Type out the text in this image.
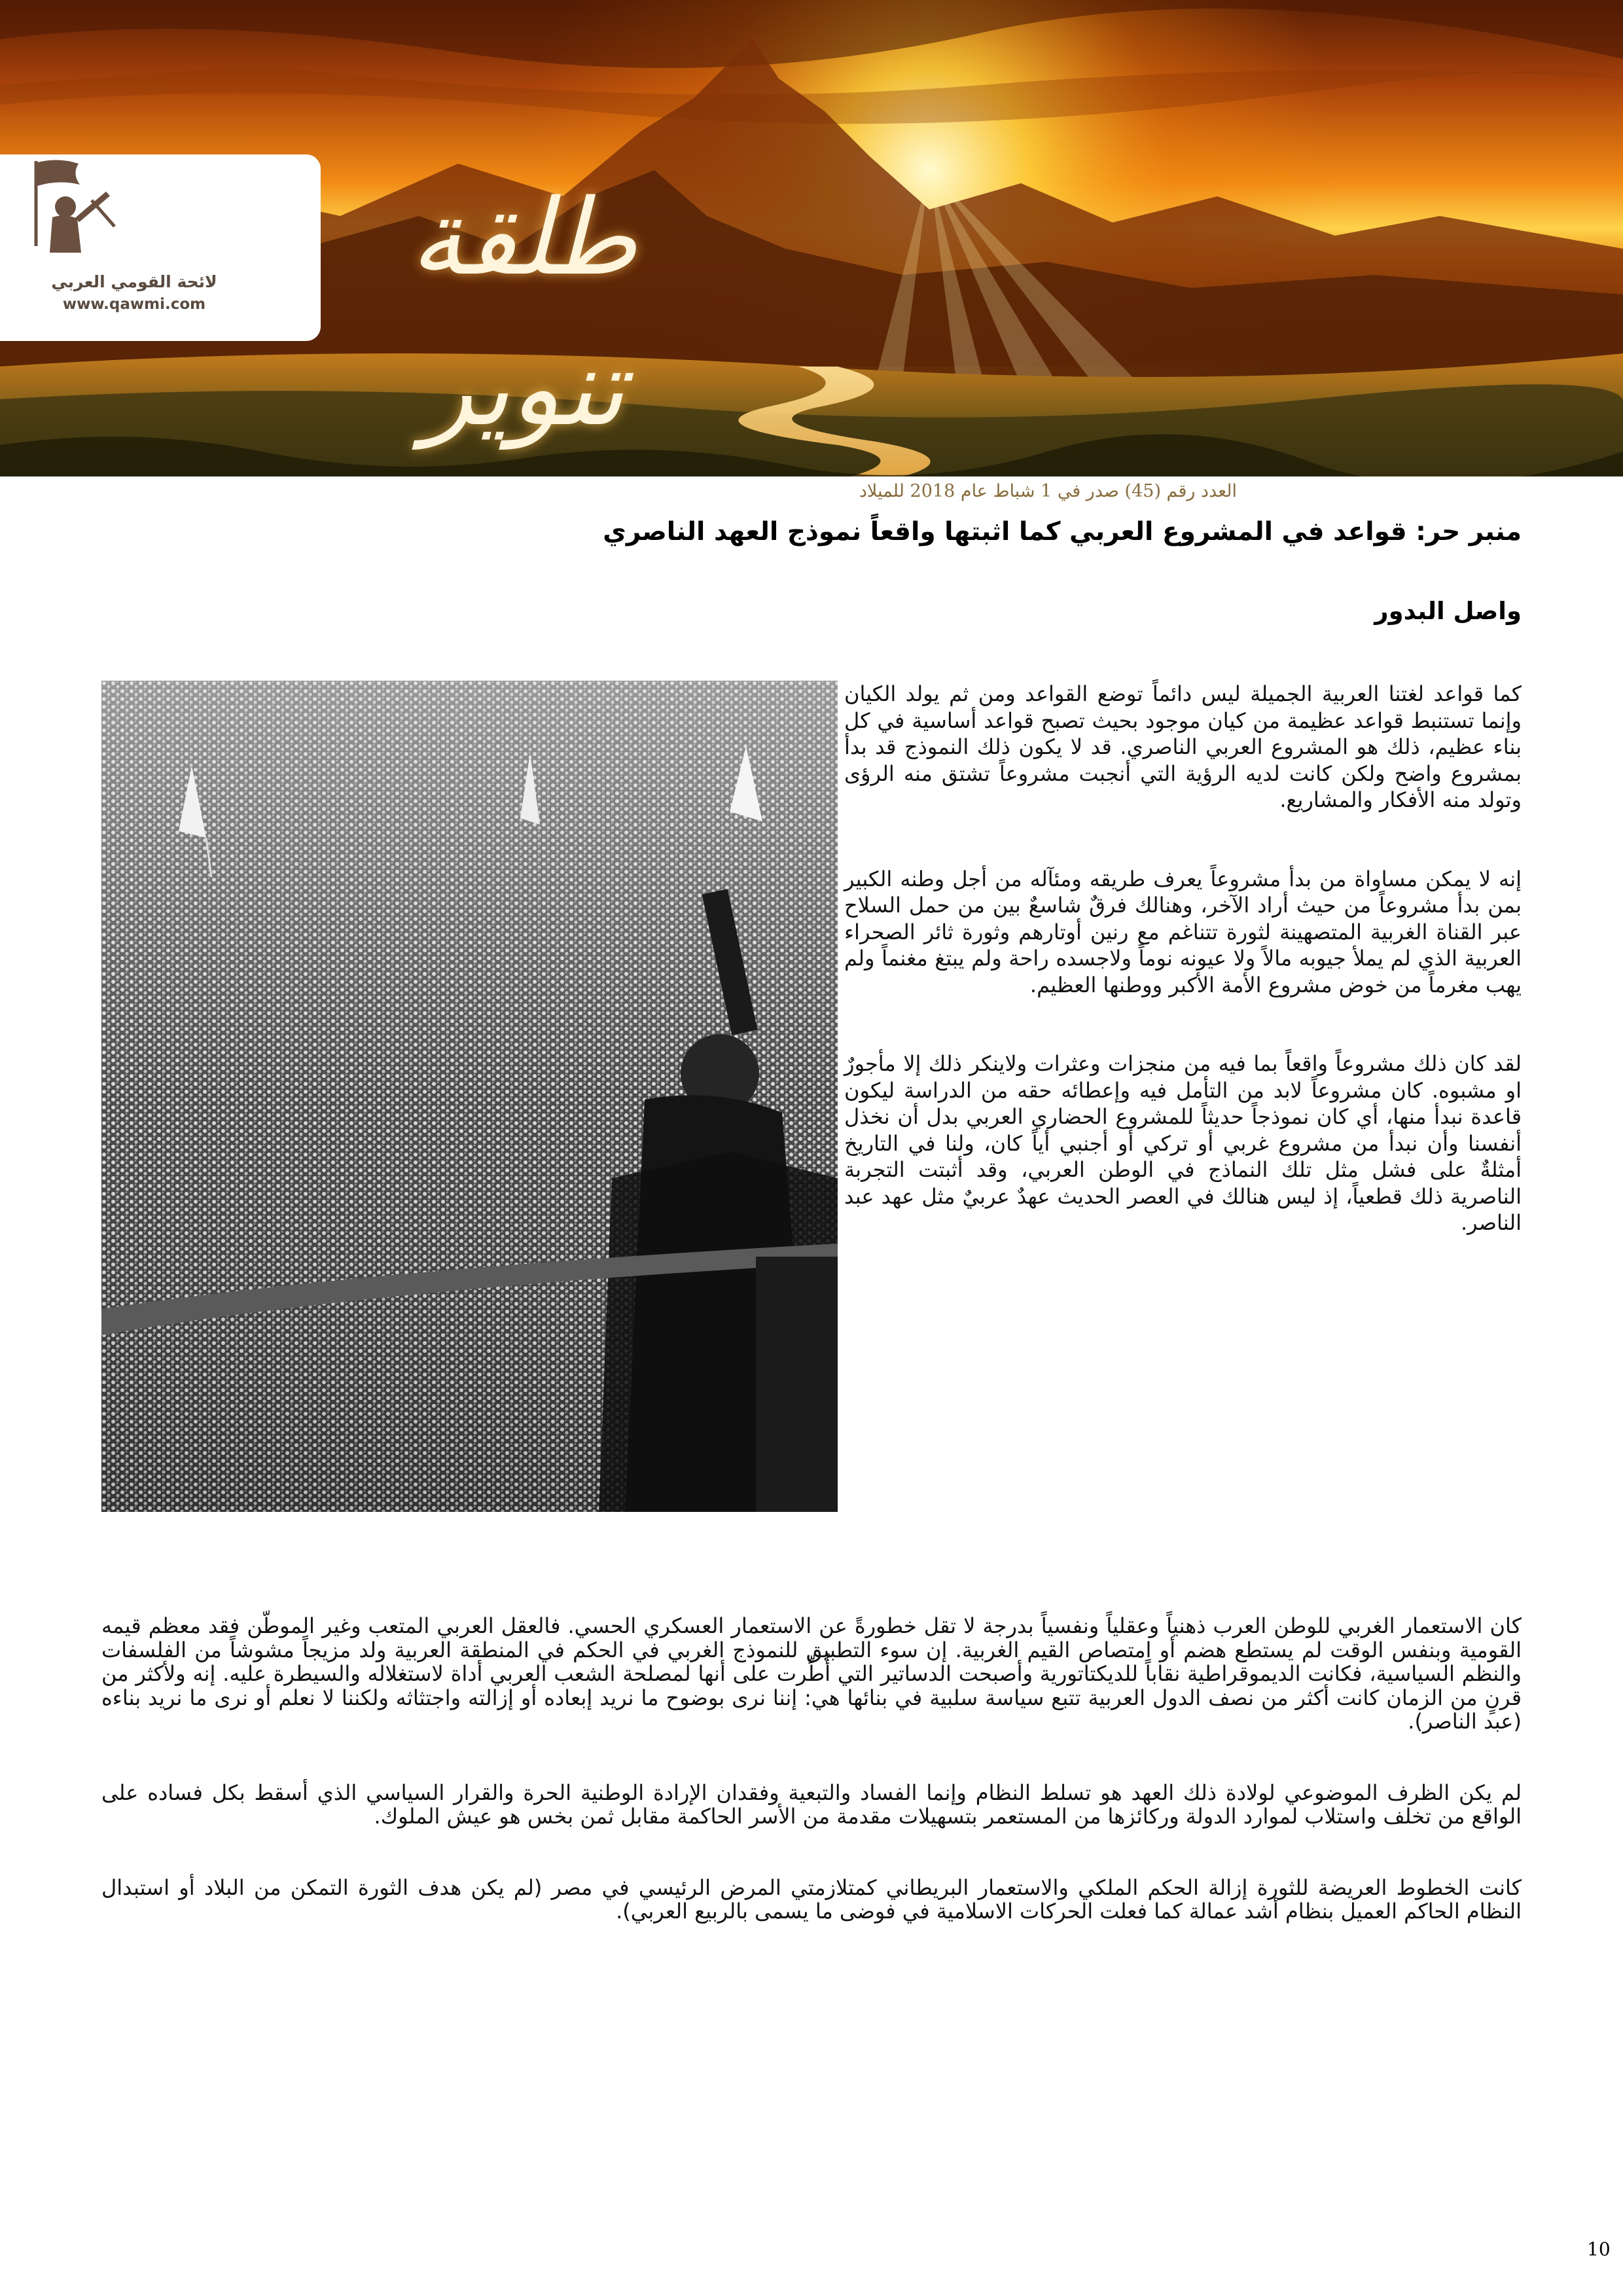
لائحة القومي العربي
www.qawmi.com
طلقة تنوير
العدد رقم (45) صدر في 1 شباط عام 2018 للميلاد
منبر حر: قواعد في المشروع العربي كما اثبتها واقعاً نموذج العهد الناصري
واصل البدور

كما قواعد لغتنا العربية الجميلة ليس دائماً توضع القواعد ومن ثم يولد الكيان وإنما تستنبط قواعد عظيمة من كيان موجود بحيث تصبح قواعد أساسية في كل بناء عظيم، ذلك هو المشروع العربي الناصري. قد لا يكون ذلك النموذج قد بدأ بمشروع واضح ولكن كانت لديه الرؤية التي أنجبت مشروعاً تشتق منه الرؤى وتولد منه الأفكار والمشاريع.

إنه لا يمكن مساواة من بدأ مشروعاً يعرف طريقه ومئآله من أجل وطنه الكبير بمن بدأ مشروعاً من حيث أراد الآخر، وهنالك فرقٌ شاسعٌ بين من حمل السلاح عبر القناة الغربية المتصهينة لثورة تتناغم مع رنين أوتارهم وثورة ثائر الصحراء العربية الذي لم يملأ جيوبه مالاً ولا عيونه نوماً ولاجسده راحة ولم يبتغ مغنماً ولم يهب مغرماً من خوض مشروع الأمة الأكبر ووطنها العظيم.

لقد كان ذلك مشروعاً واقعاً بما فيه من منجزات وعثرات ولاينكر ذلك إلا مأجورٌ او مشبوه. كان مشروعاً لابد من التأمل فيه وإعطائه حقه من الدراسة ليكون قاعدة نبدأ منها، أي كان نموذجاً حديثاً للمشروع الحضاري العربي بدل أن نخذل أنفسنا وأن نبدأ من مشروع غربي أو تركي أو أجنبي أياً كان، ولنا في التاريخ أمثلةٌ على فشل مثل تلك النماذج في الوطن العربي، وقد أثبتت التجربة الناصرية ذلك قطعياً، إذ ليس هنالك في العصر الحديث عهدٌ عربيٌ مثل عهد عبد الناصر.

كان الاستعمار الغربي للوطن العرب ذهنياً وعقلياً ونفسياً بدرجة لا تقل خطورةً عن الاستعمار العسكري الحسي. فالعقل العربي المتعب وغير الموطّن فقد معظم قيمه القومية وبنفس الوقت لم يستطع هضم أو امتصاص القيم الغربية. إن سوء التطبيق للنموذج الغربي في الحكم في المنطقة العربية ولد مزيجاً مشوشاً من الفلسفات والنظم السياسية، فكانت الديموقراطية نقاباً للديكتاتورية وأصبحت الدساتير التي أُطِّرت على أنها لمصلحة الشعب العربي أداة لاستغلاله والسيطرة عليه. إنه ولأكثر من قرنٍ من الزمان كانت أكثر من نصف الدول العربية تتبع سياسة سلبية في بنائها هي: إننا نرى بوضوح ما نريد إبعاده أو إزالته واجتثاثه ولكننا لا نعلم أو نرى ما نريد بناءه (عبد الناصر).

لم يكن الظرف الموضوعي لولادة ذلك العهد هو تسلط النظام وإنما الفساد والتبعية وفقدان الإرادة الوطنية الحرة والقرار السياسي الذي أسقط بكل فساده على الواقع من تخلف واستلاب لموارد الدولة وركائزها من المستعمر بتسهيلات مقدمة من الأسر الحاكمة مقابل ثمن بخس هو عيش الملوك.

كانت الخطوط العريضة للثورة إزالة الحكم الملكي والاستعمار البريطاني كمتلازمتي المرض الرئيسي في مصر (لم يكن هدف الثورة التمكن من البلاد أو استبدال النظام الحاكم العميل بنظام أشد عمالة كما فعلت الحركات الاسلامية في فوضى ما يسمى بالربيع العربي).

10
